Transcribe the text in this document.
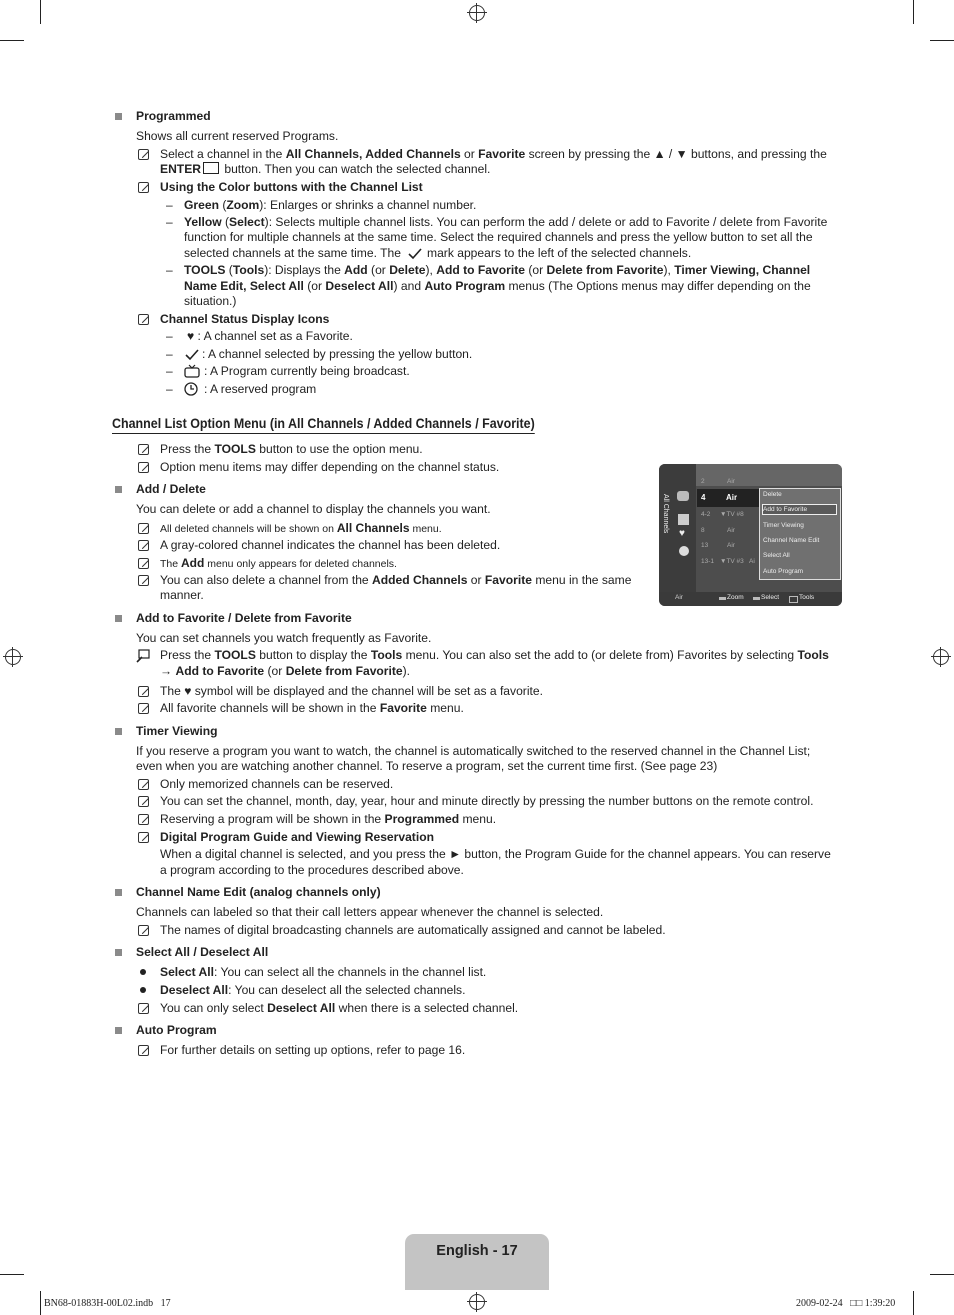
Programmed
Shows all current reserved Programs.
Select a channel in the All Channels, Added Channels or Favorite screen by pressing the ▲ / ▼ buttons, and pressing the
ENTER button. Then you can watch the selected channel.
Using the Color buttons with the Channel List
– Green (Zoom): Enlarges or shrinks a channel number.
– Yellow (Select): Selects multiple channel lists. You can perform the add / delete or add to Favorite / delete from Favorite
function for multiple channels at the same time. Select the required channels and press the yellow button to set all the
selected channels at the same time. The mark appears to the left of the selected channels.
– TOOLS (Tools): Displays the Add (or Delete), Add to Favorite (or Delete from Favorite), Timer Viewing, Channel
Name Edit, Select All (or Deselect All) and Auto Program menus (The Options menus may differ depending on the
situation.)
Channel Status Display Icons
– ♥ : A channel set as a Favorite.
– : A channel selected by pressing the yellow button.
–	: A Program currently being broadcast.
–	: A reserved program
Channel List Option Menu (in All Channels / Added Channels / Favorite)
Press the TOOLS button to use the option menu.
Option menu items may differ depending on the channel status.
Add / Delete
You can delete or add a channel to display the channels you want.
All deleted channels will be shown on All Channels menu.
A gray-colored channel indicates the channel has been deleted.
The Add menu only appears for deleted channels.
You can also delete a channel from the Added Channels or Favorite menu in the same
manner.
All Channels
♥
2	Air
4	Air
4-2 ▼TV #8
8	Air
13	Air
13-1 ▼TV #3 Ai
Delete
Add to Favorite
Timer Viewing
Channel Name Edit
Select All
Auto Program
Air	Zoom	Select	Tools
Add to Favorite / Delete from Favorite
You can set channels you watch frequently as Favorite.
Press the TOOLS button to display the Tools menu. You can also set the add to (or delete from) Favorites by selecting Tools
→ Add to Favorite (or Delete from Favorite).
The ♥ symbol will be displayed and the channel will be set as a favorite.
All favorite channels will be shown in the Favorite menu.
Timer Viewing
If you reserve a program you want to watch, the channel is automatically switched to the reserved channel in the Channel List;
even when you are watching another channel. To reserve a program, set the current time first. (See page 23)
Only memorized channels can be reserved.
You can set the channel, month, day, year, hour and minute directly by pressing the number buttons on the remote control.
Reserving a program will be shown in the Programmed menu.
Digital Program Guide and Viewing Reservation
When a digital channel is selected, and you press the ► button, the Program Guide for the channel appears. You can reserve
a program according to the procedures described above.
Channel Name Edit (analog channels only)
Channels can labeled so that their call letters appear whenever the channel is selected.
The names of digital broadcasting channels are automatically assigned and cannot be labeled.
Select All / Deselect All
Select All: You can select all the channels in the channel list.
Deselect All: You can deselect all the selected channels.
You can only select Deselect All when there is a selected channel.
Auto Program
For further details on setting up options, refer to page 16.
English - 17
BN68-01883H-00L02.indb   17	2009-02-24   □□ 1:39:20
